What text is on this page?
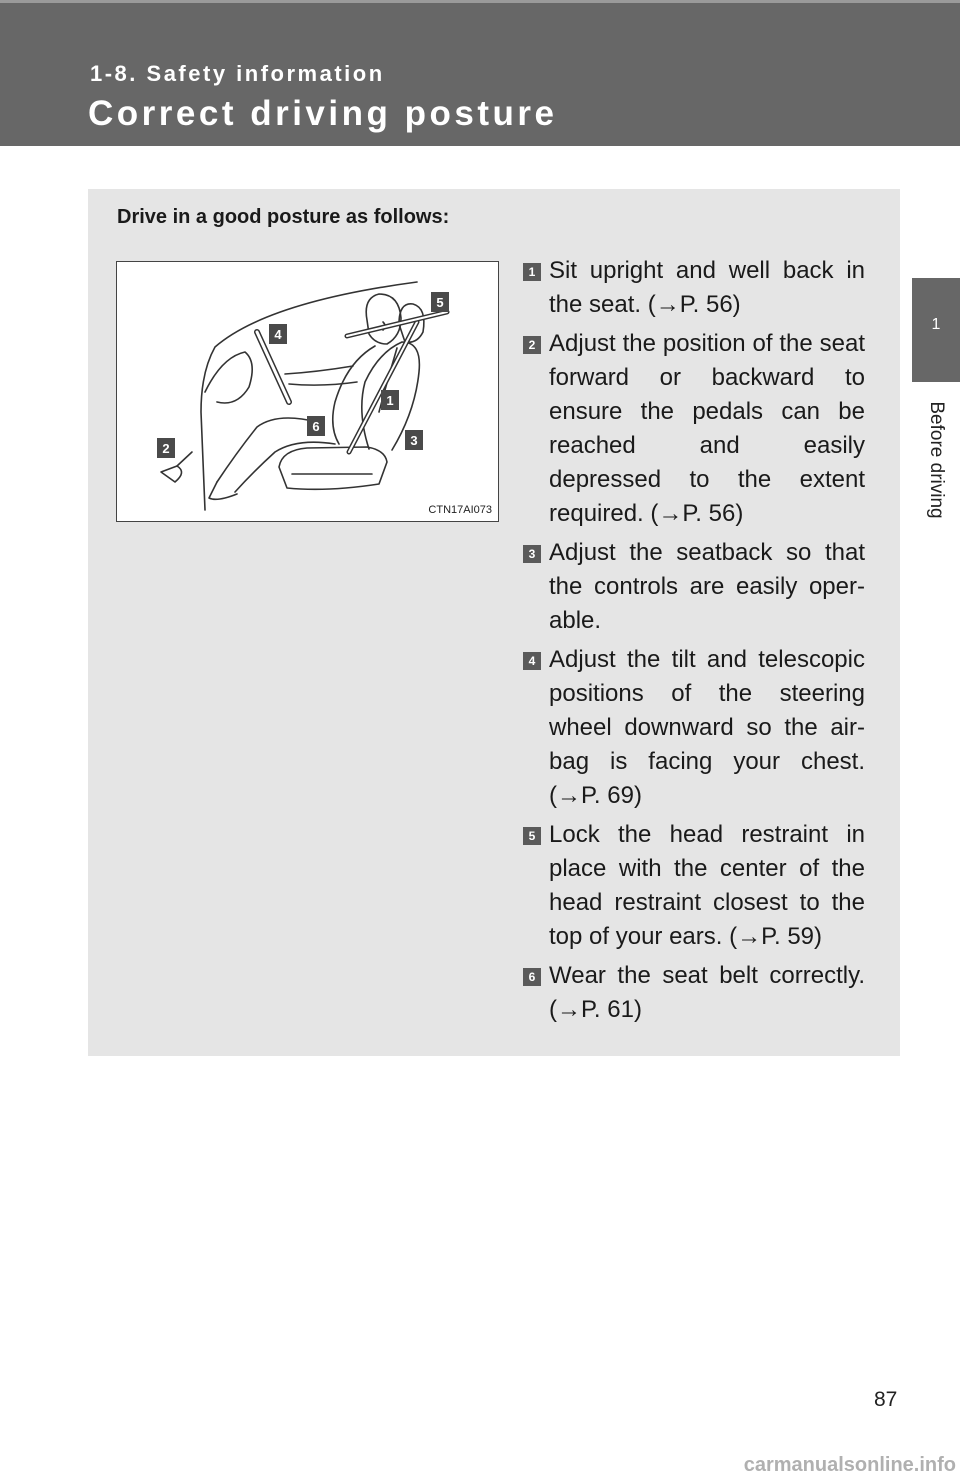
1-8. Safety information
Correct driving posture
1
Before driving
Drive in a good posture as follows:
1
2
3
4
5
6
CTN17AI073
1 Sit upright and well back in the seat. (→P. 56)
2 Adjust the position of the seat forward or backward to ensure the pedals can be reached and easily depressed to the extent required. (→P. 56)
3 Adjust the seatback so that the controls are easily oper- able.
4 Adjust the tilt and telescopic positions of the steering wheel downward so the air- bag is facing your chest. (→P. 69)
5 Lock the head restraint in place with the center of the head restraint closest to the top of your ears. (→P. 59)
6 Wear the seat belt correctly. (→P. 61)
87
carmanualsonline.info
